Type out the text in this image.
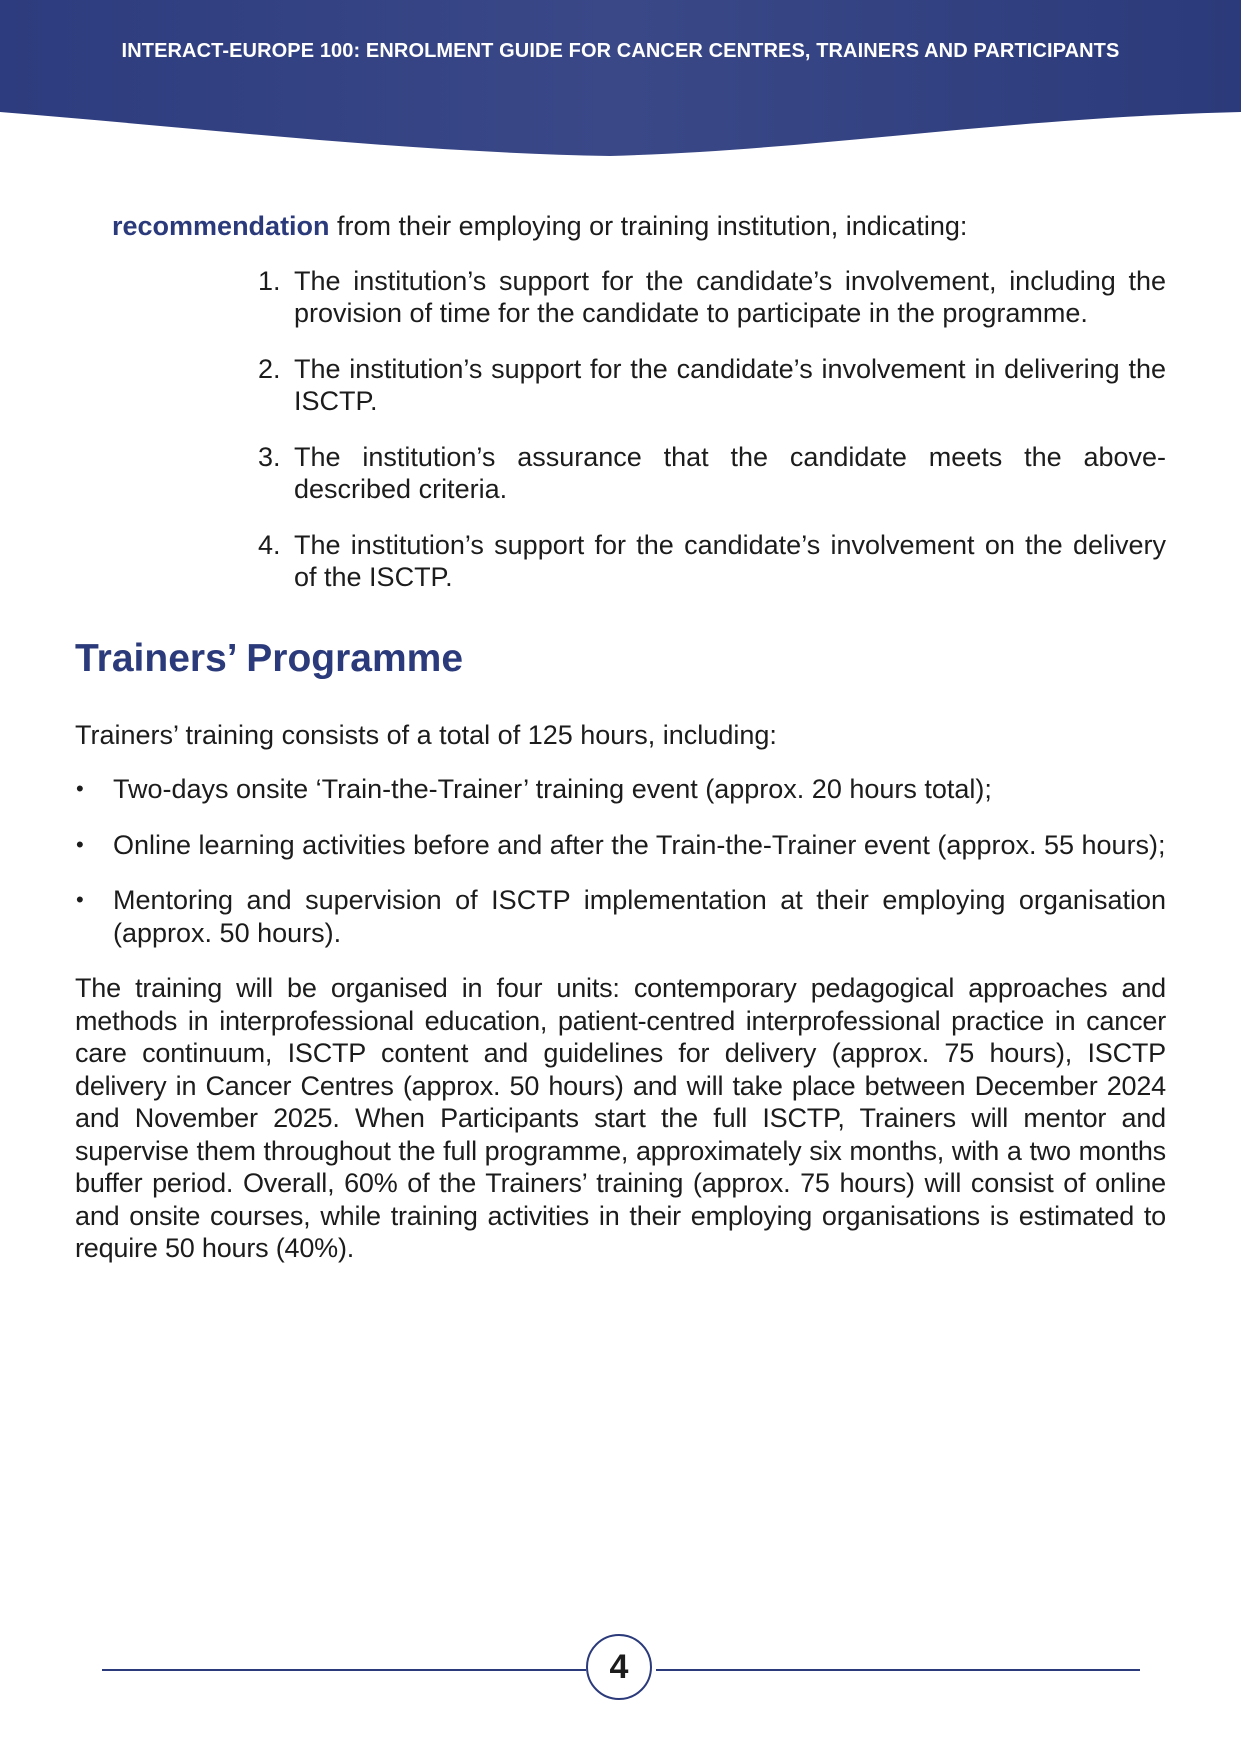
INTERACT-EUROPE 100: ENROLMENT GUIDE FOR CANCER CENTRES, TRAINERS AND PARTICIPANTS

recommendation from their employing or training institution, indicating:

1. The institution’s support for the candidate’s involvement, including the provision of time for the candidate to participate in the programme.
2. The institution’s support for the candidate’s involvement in delivering the ISCTP.
3. The institution’s assurance that the candidate meets the above-described criteria.
4. The institution’s support for the candidate’s involvement on the delivery of the ISCTP.
Trainers’ Programme

Trainers’ training consists of a total of 125 hours, including:

• Two-days onsite ‘Train-the-Trainer’ training event (approx. 20 hours total);
• Online learning activities before and after the Train-the-Trainer event (approx. 55 hours);
• Mentoring and supervision of ISCTP implementation at their employing organisation (approx. 50 hours).

The training will be organised in four units: contemporary pedagogical approaches and methods in interprofessional education, patient-centred interprofessional practice in cancer care continuum, ISCTP content and guidelines for delivery (approx. 75 hours), ISCTP delivery in Cancer Centres (approx. 50 hours) and will take place between December 2024 and November 2025. When Participants start the full ISCTP, Trainers will mentor and supervise them throughout the full programme, approximately six months, with a two months buffer period. Overall, 60% of the Trainers’ training (approx. 75 hours) will consist of online and onsite courses, while training activities in their employing organisations is estimated to require 50 hours (40%).

4
